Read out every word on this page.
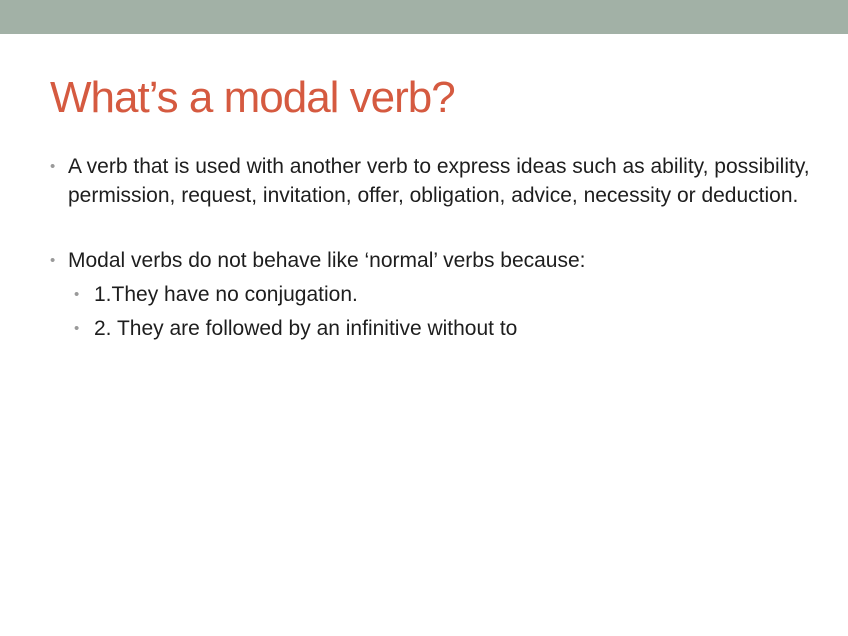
What’s a modal verb?
• A verb that is used with another verb to express ideas such as ability, possibility, permission, request, invitation, offer, obligation, advice, necessity or deduction.
• Modal verbs do not behave like ‘normal’ verbs because:
• 1.They have no conjugation.
• 2. They are followed by an infinitive without to
